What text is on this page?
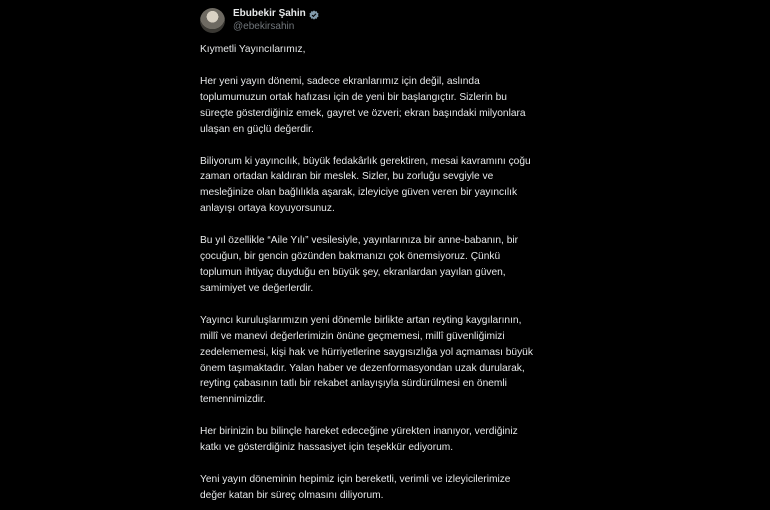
Ebubekir Şahin
@ebekirsahin

Kıymetli Yayıncılarımız,

Her yeni yayın dönemi, sadece ekranlarımız için değil, aslında
toplumumuzun ortak hafızası için de yeni bir başlangıçtır. Sizlerin bu
süreçte gösterdiğiniz emek, gayret ve özveri; ekran başındaki milyonlara
ulaşan en güçlü değerdir.

Biliyorum ki yayıncılık, büyük fedakârlık gerektiren, mesai kavramını çoğu
zaman ortadan kaldıran bir meslek. Sizler, bu zorluğu sevgiyle ve
mesleğinize olan bağlılıkla aşarak, izleyiciye güven veren bir yayıncılık
anlayışı ortaya koyuyorsunuz.

Bu yıl özellikle “Aile Yılı” vesilesiyle, yayınlarınıza bir anne-babanın, bir
çocuğun, bir gencin gözünden bakmanızı çok önemsiyoruz. Çünkü
toplumun ihtiyaç duyduğu en büyük şey, ekranlardan yayılan güven,
samimiyet ve değerlerdir.

Yayıncı kuruluşlarımızın yeni dönemle birlikte artan reyting kaygılarının,
millî ve manevi değerlerimizin önüne geçmemesi, millî güvenliğimizi
zedelememesi, kişi hak ve hürriyetlerine saygısızlığa yol açmaması büyük
önem taşımaktadır. Yalan haber ve dezenformasyondan uzak durularak,
reyting çabasının tatlı bir rekabet anlayışıyla sürdürülmesi en önemli
temennimizdir.

Her birinizin bu bilinçle hareket edeceğine yürekten inanıyor, verdiğiniz
katkı ve gösterdiğiniz hassasiyet için teşekkür ediyorum.

Yeni yayın döneminin hepimiz için bereketli, verimli ve izleyicilerimize
değer katan bir süreç olmasını diliyorum.
